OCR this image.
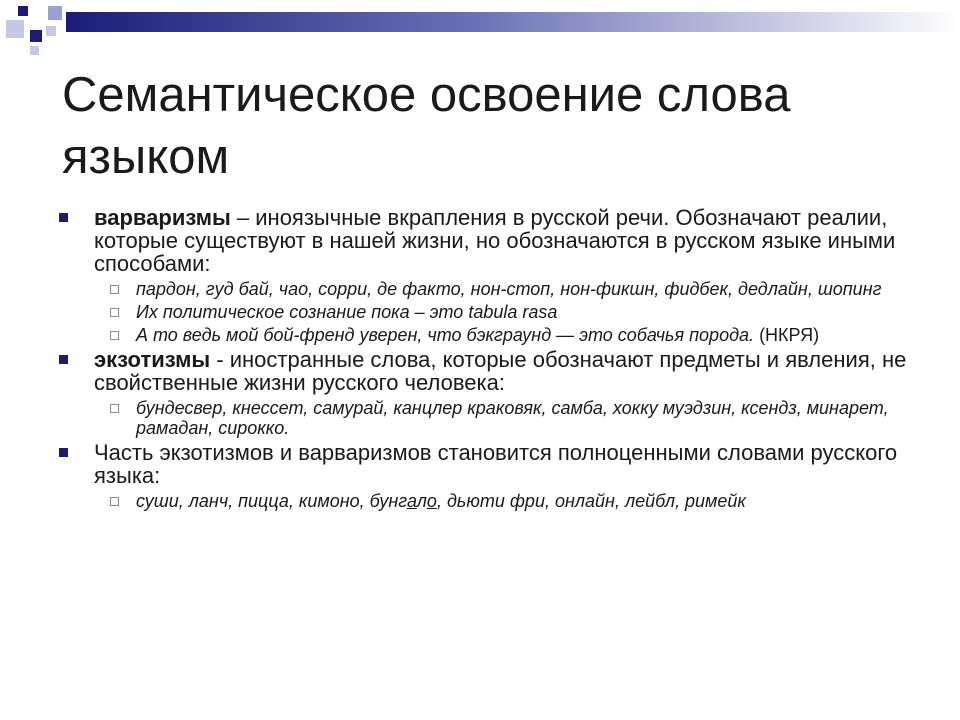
Семантическое освоение слова языком
варваризмы – иноязычные вкрапления в русской речи. Обозначают реалии, которые существуют в нашей жизни, но обозначаются в русском языке иными способами:
пардон, гуд бай, чао, сорри, де факто, нон-стоп, нон-фикшн, фидбек, дедлайн, шопинг
Их политическое сознание пока – это tabula rasa
А то ведь мой бой-френд уверен, что бэкграунд — это собачья порода. (НКРЯ)
экзотизмы - иностранные слова, которые обозначают предметы и явления, не свойственные жизни русского человека:
бундесвер, кнессет, самурай, канцлер краковяк, самба, хокку муэдзин, ксендз, минарет, рамадан, сирокко.
Часть экзотизмов и варваризмов становится полноценными словами русского языка:
суши, ланч, пицца, кимоно, бунгало, дьюти фри, онлайн, лейбл, римейк
